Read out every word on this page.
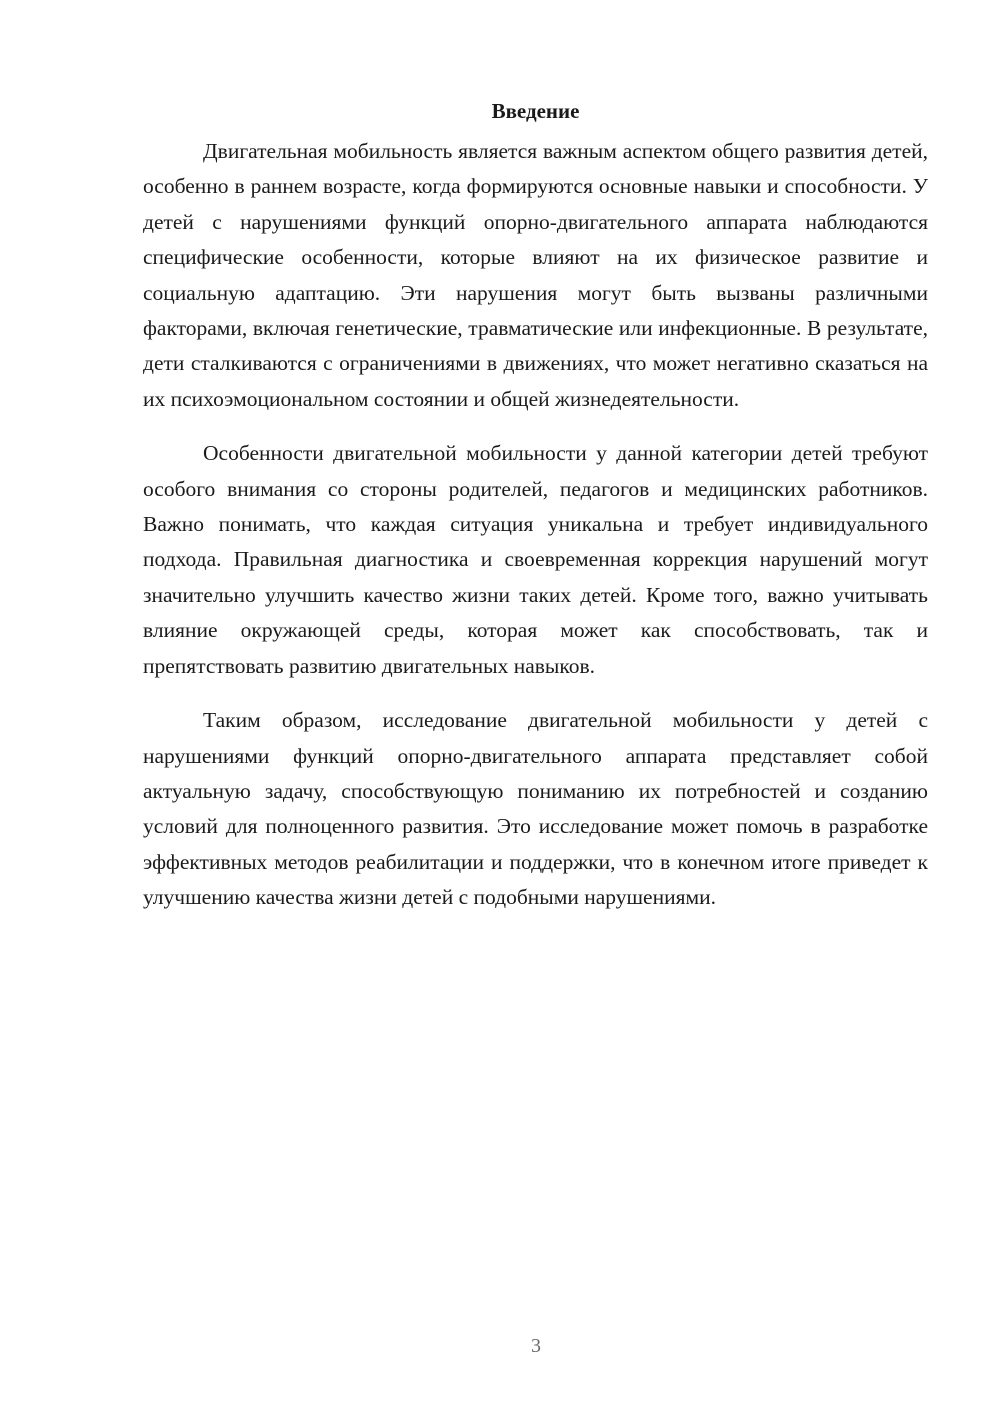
Введение

Двигательная мобильность является важным аспектом общего развития детей, особенно в раннем возрасте, когда формируются основные навыки и способности. У детей с нарушениями функций опорно-двигательного аппарата наблюдаются специфические особенности, которые влияют на их физическое развитие и социальную адаптацию. Эти нарушения могут быть вызваны различными факторами, включая генетические, травматические или инфекционные. В результате, дети сталкиваются с ограничениями в движениях, что может негативно сказаться на их психоэмоциональном состоянии и общей жизнедеятельности.

Особенности двигательной мобильности у данной категории детей требуют особого внимания со стороны родителей, педагогов и медицинских работников. Важно понимать, что каждая ситуация уникальна и требует индивидуального подхода. Правильная диагностика и своевременная коррекция нарушений могут значительно улучшить качество жизни таких детей. Кроме того, важно учитывать влияние окружающей среды, которая может как способствовать, так и препятствовать развитию двигательных навыков.

Таким образом, исследование двигательной мобильности у детей с нарушениями функций опорно-двигательного аппарата представляет собой актуальную задачу, способствующую пониманию их потребностей и созданию условий для полноценного развития. Это исследование может помочь в разработке эффективных методов реабилитации и поддержки, что в конечном итоге приведет к улучшению качества жизни детей с подобными нарушениями.

3
